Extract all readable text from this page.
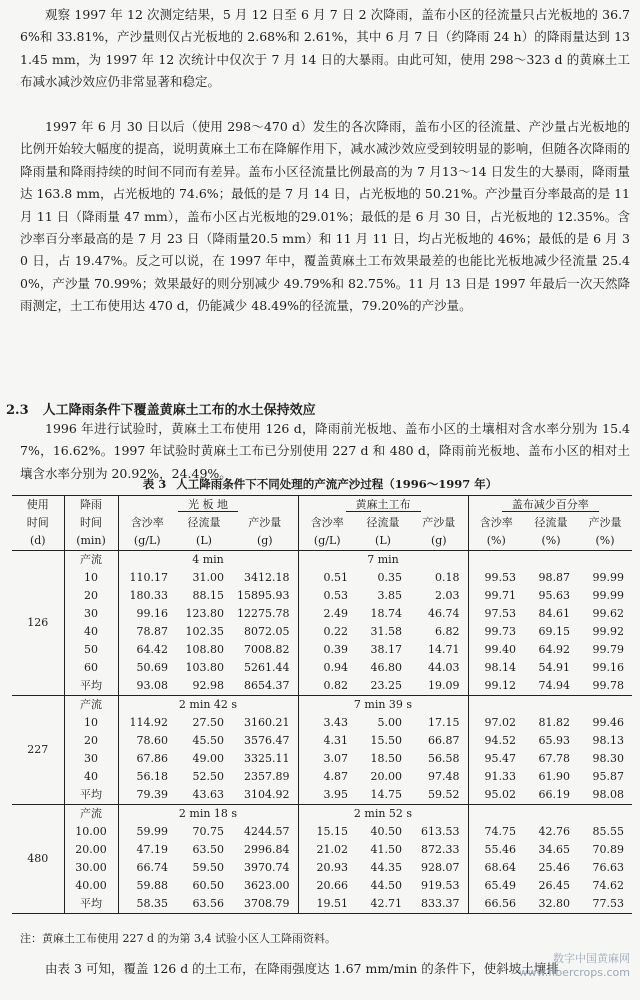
观察 1997 年 12 次测定结果，5 月 12 日至 6 月 7 日 2 次降雨，盖布小区的径流量只占光板地的 36.76%和 33.81%，产沙量则仅占光板地的 2.68%和 2.61%，其中 6 月 7 日（约降雨 24 h）的降雨量达到 131.45 mm，为 1997 年 12 次统计中仅次于 7 月 14 日的大暴雨。由此可知，使用 298～323 d 的黄麻土工布减水减沙效应仍非常显著和稳定。

1997 年 6 月 30 日以后（使用 298～470 d）发生的各次降雨，盖布小区的径流量、产沙量占光板地的比例开始较大幅度的提高，说明黄麻土工布在降解作用下，减水减沙效应受到较明显的影响，但随各次降雨的降雨量和降雨持续的时间不同而有差异。盖布小区径流量比例最高的为 7 月13～14 日发生的大暴雨，降雨量达 163.8 mm，占光板地的 74.6%；最低的是 7 月 14 日，占光板地的 50.21%。产沙量百分率最高的是 11 月 11 日（降雨量 47 mm），盖布小区占光板地的29.01%；最低的是 6 月 30 日，占光板地的 12.35%。含沙率百分率最高的是 7 月 23 日（降雨量20.5 mm）和 11 月 11 日，均占光板地的 46%；最低的是 6 月 30 日，占 19.47%。反之可以说，在 1997 年中，覆盖黄麻土工布效果最差的也能比光板地减少径流量 25.40%，产沙量 70.99%；效果最好的则分别减少 49.79%和 82.75%。11 月 13 日是 1997 年最后一次天然降雨测定，土工布使用达 470 d，仍能减少 48.49%的径流量，79.20%的产沙量。

2.3 人工降雨条件下覆盖黄麻土工布的水土保持效应

1996 年进行试验时，黄麻土工布使用 126 d，降雨前光板地、盖布小区的土壤相对含水率分别为 15.47%，16.62%。1997 年试验时黄麻土工布已分别使用 227 d 和 480 d，降雨前光板地、盖布小区的相对土壤含水率分别为 20.92%，24.49%。

表 3 人工降雨条件下不同处理的产流产沙过程（1996～1997 年）
使用	降雨	光 板 地			黄麻土工布			盖布减少百分率		
时间	时间	含沙率	径流量	产沙量	含沙率	径流量	产沙量	含沙率	径流量	产沙量
(d)	(min)	(g/L)	(L)	(g)	(g/L)	(L)	(g)	(%)	(%)	(%)
126	产流	4 min			7 min					
	10	110.17	31.00	3412.18	0.51	0.35	0.18	99.53	98.87	99.99
	20	180.33	88.15	15895.93	0.53	3.85	2.03	99.71	95.63	99.99
	30	99.16	123.80	12275.78	2.49	18.74	46.74	97.53	84.61	99.62
	40	78.87	102.35	8072.05	0.22	31.58	6.82	99.73	69.15	99.92
	50	64.42	108.80	7008.82	0.39	38.17	14.71	99.40	64.92	99.79
	60	50.69	103.80	5261.44	0.94	46.80	44.03	98.14	54.91	99.16
	平均	93.08	92.98	8654.37	0.82	23.25	19.09	99.12	74.94	99.78
227	产流	2 min 42 s			7 min 39 s					
	10	114.92	27.50	3160.21	3.43	5.00	17.15	97.02	81.82	99.46
	20	78.60	45.50	3576.47	4.31	15.50	66.87	94.52	65.93	98.13
	30	67.86	49.00	3325.11	3.07	18.50	56.58	95.47	67.78	98.30
	40	56.18	52.50	2357.89	4.87	20.00	97.48	91.33	61.90	95.87
	平均	79.39	43.63	3104.92	3.95	14.75	59.52	95.02	66.19	98.08
480	产流	2 min 18 s			2 min 52 s					
	10.00	59.99	70.75	4244.57	15.15	40.50	613.53	74.75	42.76	85.55
	20.00	47.19	63.50	2996.84	21.02	41.50	872.33	55.46	34.65	70.89
	30.00	66.74	59.50	3970.74	20.93	44.35	928.07	68.64	25.46	76.63
	40.00	59.88	60.50	3623.00	20.66	44.50	919.53	65.49	26.45	74.62
	平均	58.35	63.56	3708.79	19.51	42.71	833.37	66.56	32.80	77.53
注：黄麻土工布使用 227 d 的为第 3,4 试验小区人工降雨资料。

由表 3 可知，覆盖 126 d 的土工布，在降雨强度达 1.67 mm/min 的条件下，使斜坡土壤排

数字中国黄麻网
www.fibercrops.com
